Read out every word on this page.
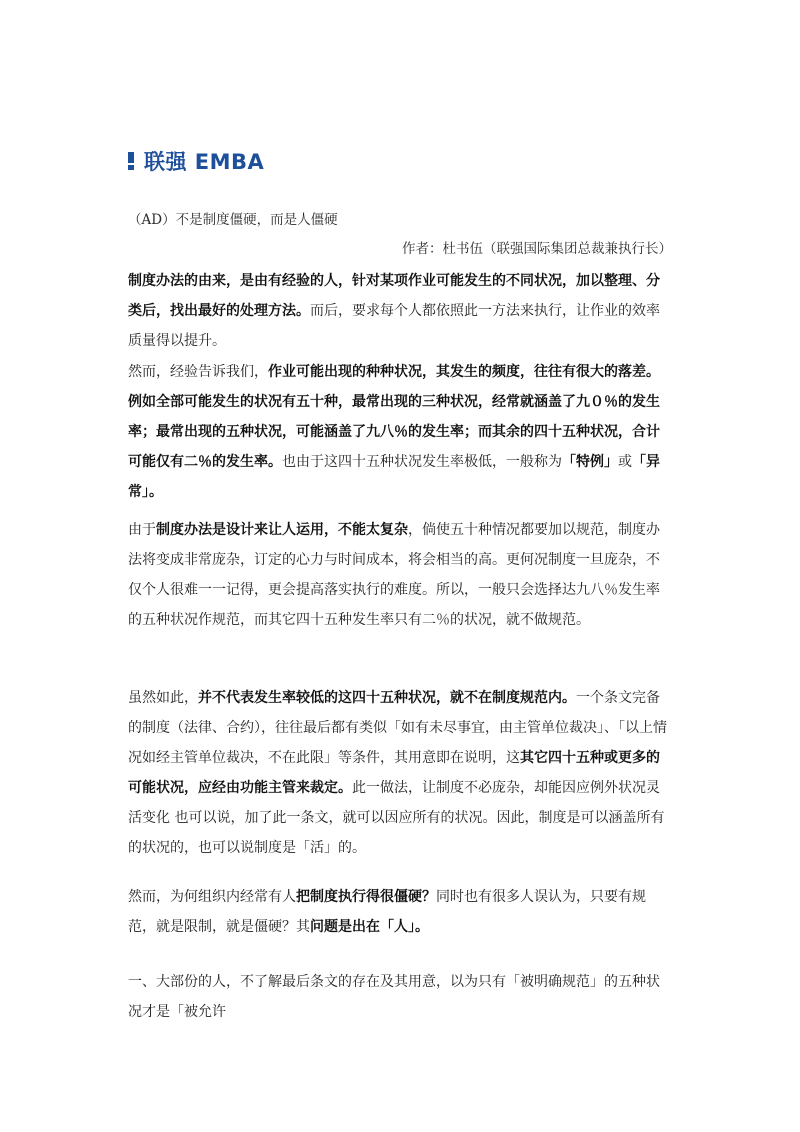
联强 EMBA
（AD）不是制度僵硬，而是人僵硬
作者：杜书伍（联强国际集团总裁兼执行长）

制度办法的由来，是由有经验的人，针对某项作业可能发生的不同状况，加以整理、分类后，找出最好的处理方法。而后，要求每个人都依照此一方法来执行，让作业的效率质量得以提升。

然而，经验告诉我们，作业可能出现的种种状况，其发生的频度，往往有很大的落差。例如全部可能发生的状况有五十种，最常出现的三种状况，经常就涵盖了九０％的发生率；最常出现的五种状况，可能涵盖了九八％的发生率；而其余的四十五种状况，合计可能仅有二％的发生率。也由于这四十五种状况发生率极低，一般称为「特例」或「异常」。

由于制度办法是设计来让人运用，不能太复杂，倘使五十种情况都要加以规范，制度办法将变成非常庞杂，订定的心力与时间成本，将会相当的高。更何况制度一旦庞杂，不仅个人很难一一记得，更会提高落实执行的难度。所以，一般只会选择达九八％发生率的五种状况作规范，而其它四十五种发生率只有二％的状况，就不做规范。

虽然如此，并不代表发生率较低的这四十五种状况，就不在制度规范内。一个条文完备的制度（法律、合约），往往最后都有类似「如有未尽事宜，由主管单位裁决」、「以上情况如经主管单位裁决，不在此限」等条件，其用意即在说明，这其它四十五种或更多的可能状况，应经由功能主管来裁定。此一做法，让制度不必庞杂，却能因应例外状况灵活变化 也可以说，加了此一条文，就可以因应所有的状况。因此，制度是可以涵盖所有的状况的，也可以说制度是「活」的。

然而，为何组织内经常有人把制度执行得很僵硬？同时也有很多人误认为，只要有规范，就是限制，就是僵硬？其问题是出在「人」。

一、大部份的人，不了解最后条文的存在及其用意，以为只有「被明确规范」的五种状况才是「被允许
